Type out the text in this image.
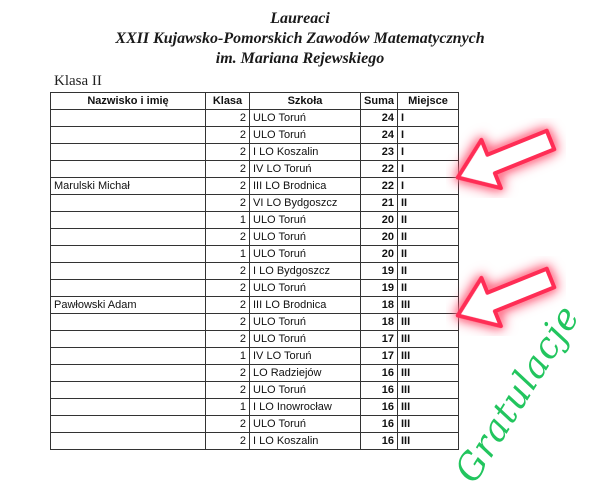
Laureaci
XXII Kujawsko-Pomorskich Zawodów Matematycznych
im. Mariana Rejewskiego
Klasa II
Nazwisko i imię	Klasa	Szkoła	Suma	Miejsce
	2	ULO Toruń	24	I
	2	ULO Toruń	24	I
	2	I LO Koszalin	23	I
	2	IV LO Toruń	22	I
Marulski Michał	2	III LO Brodnica	22	I
	2	VI LO Bydgoszcz	21	II
	1	ULO Toruń	20	II
	2	ULO Toruń	20	II
	1	ULO Toruń	20	II
	2	I LO Bydgoszcz	19	II
	2	ULO Toruń	19	II
Pawłowski Adam	2	III LO Brodnica	18	III
	2	ULO Toruń	18	III
	2	ULO Toruń	17	III
	1	IV LO Toruń	17	III
	2	LO Radziejów	16	III
	2	ULO Toruń	16	III
	1	I LO Inowrocław	16	III
	2	ULO Toruń	16	III
	2	I LO Koszalin	16	III Gratulacje
